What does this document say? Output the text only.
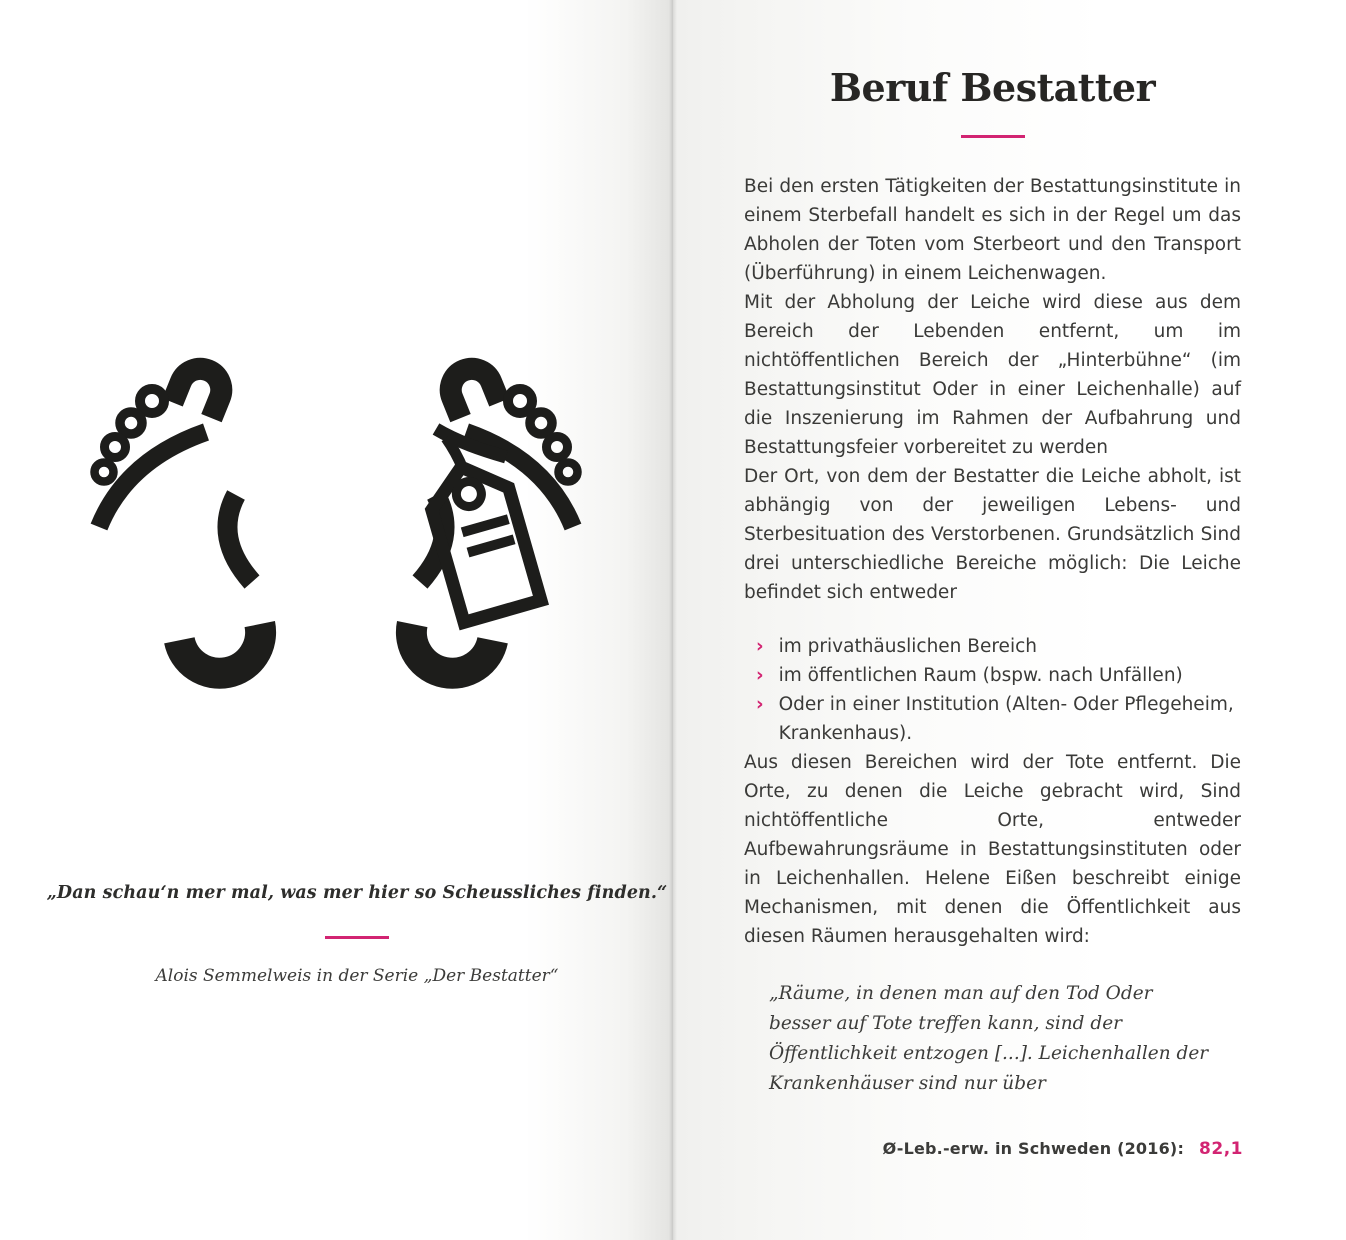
„Dan schau‘n mer mal, was mer hier so Scheussliches finden.“

Alois Semmelweis in der Serie „Der Bestatter“

Beruf Bestatter

Bei den ersten Tätigkeiten der Bestattungsinstitute in einem Sterbefall handelt es sich in der Regel um das Abholen der Toten vom Sterbeort und den Transport (Überführung) in einem Leichenwagen.

Mit der Abholung der Leiche wird diese aus dem Bereich der Lebenden entfernt, um im nichtöffentlichen Bereich der „Hinterbühne“ (im Bestattungsinstitut Oder in einer Leichenhalle) auf die Inszenierung im Rahmen der Aufbahrung und Bestattungsfeier vorbereitet zu werden

Der Ort, von dem der Bestatter die Leiche abholt, ist abhängig von der jeweiligen Lebens- und Sterbesituation des Verstorbenen. Grundsätzlich Sind drei unterschiedliche Bereiche möglich: Die Leiche befindet sich entweder

› im privathäuslichen Bereich
› im öffentlichen Raum (bspw. nach Unfällen)
› Oder in einer Institution (Alten- Oder Pflegeheim, Krankenhaus).

Aus diesen Bereichen wird der Tote entfernt. Die Orte, zu denen die Leiche gebracht wird, Sind nichtöffentliche Orte, entweder Aufbewahrungsräume in Bestattungsinstituten oder in Leichenhallen. Helene Eißen beschreibt einige Mechanismen, mit denen die Öffentlichkeit aus diesen Räumen herausgehalten wird:

„Räume, in denen man auf den Tod Oder besser auf Tote treffen kann, sind der Öffentlichkeit entzogen [...]. Leichenhallen der Krankenhäuser sind nur über

Ø-Leb.-erw. in Schweden (2016): 82,1
